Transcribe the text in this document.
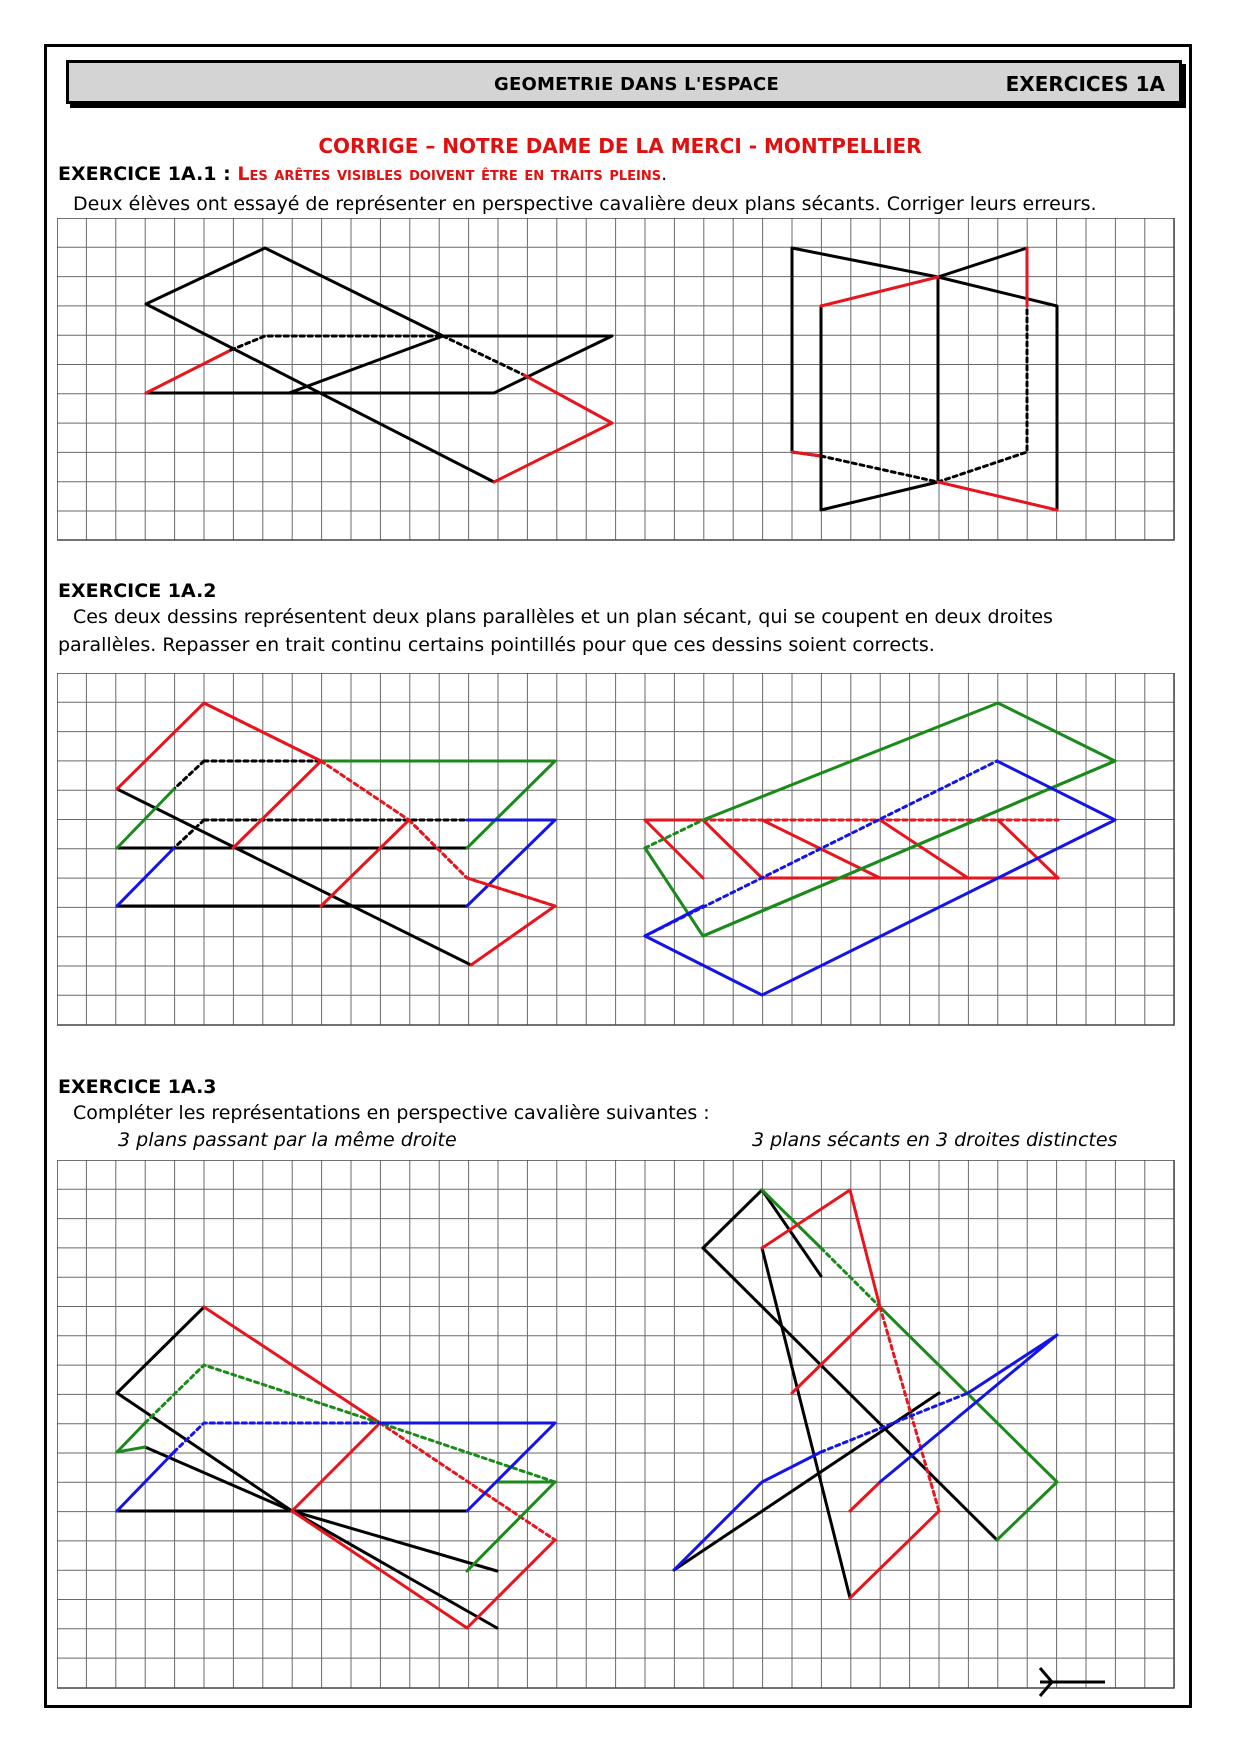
GEOMETRIE DANS L'ESPACE	EXERCICES 1A
CORRIGE – NOTRE DAME DE LA MERCI - MONTPELLIER
EXERCICE 1A.1 : Les arêtes visibles doivent être en traits pleins.
Deux élèves ont essayé de représenter en perspective cavalière deux plans sécants. Corriger leurs erreurs.
EXERCICE 1A.2
Ces deux dessins représentent deux plans parallèles et un plan sécant, qui se coupent en deux droites
parallèles. Repasser en trait continu certains pointillés pour que ces dessins soient corrects.
EXERCICE 1A.3
Compléter les représentations en perspective cavalière suivantes :
3 plans passant par la même droite	3 plans sécants en 3 droites distinctes
